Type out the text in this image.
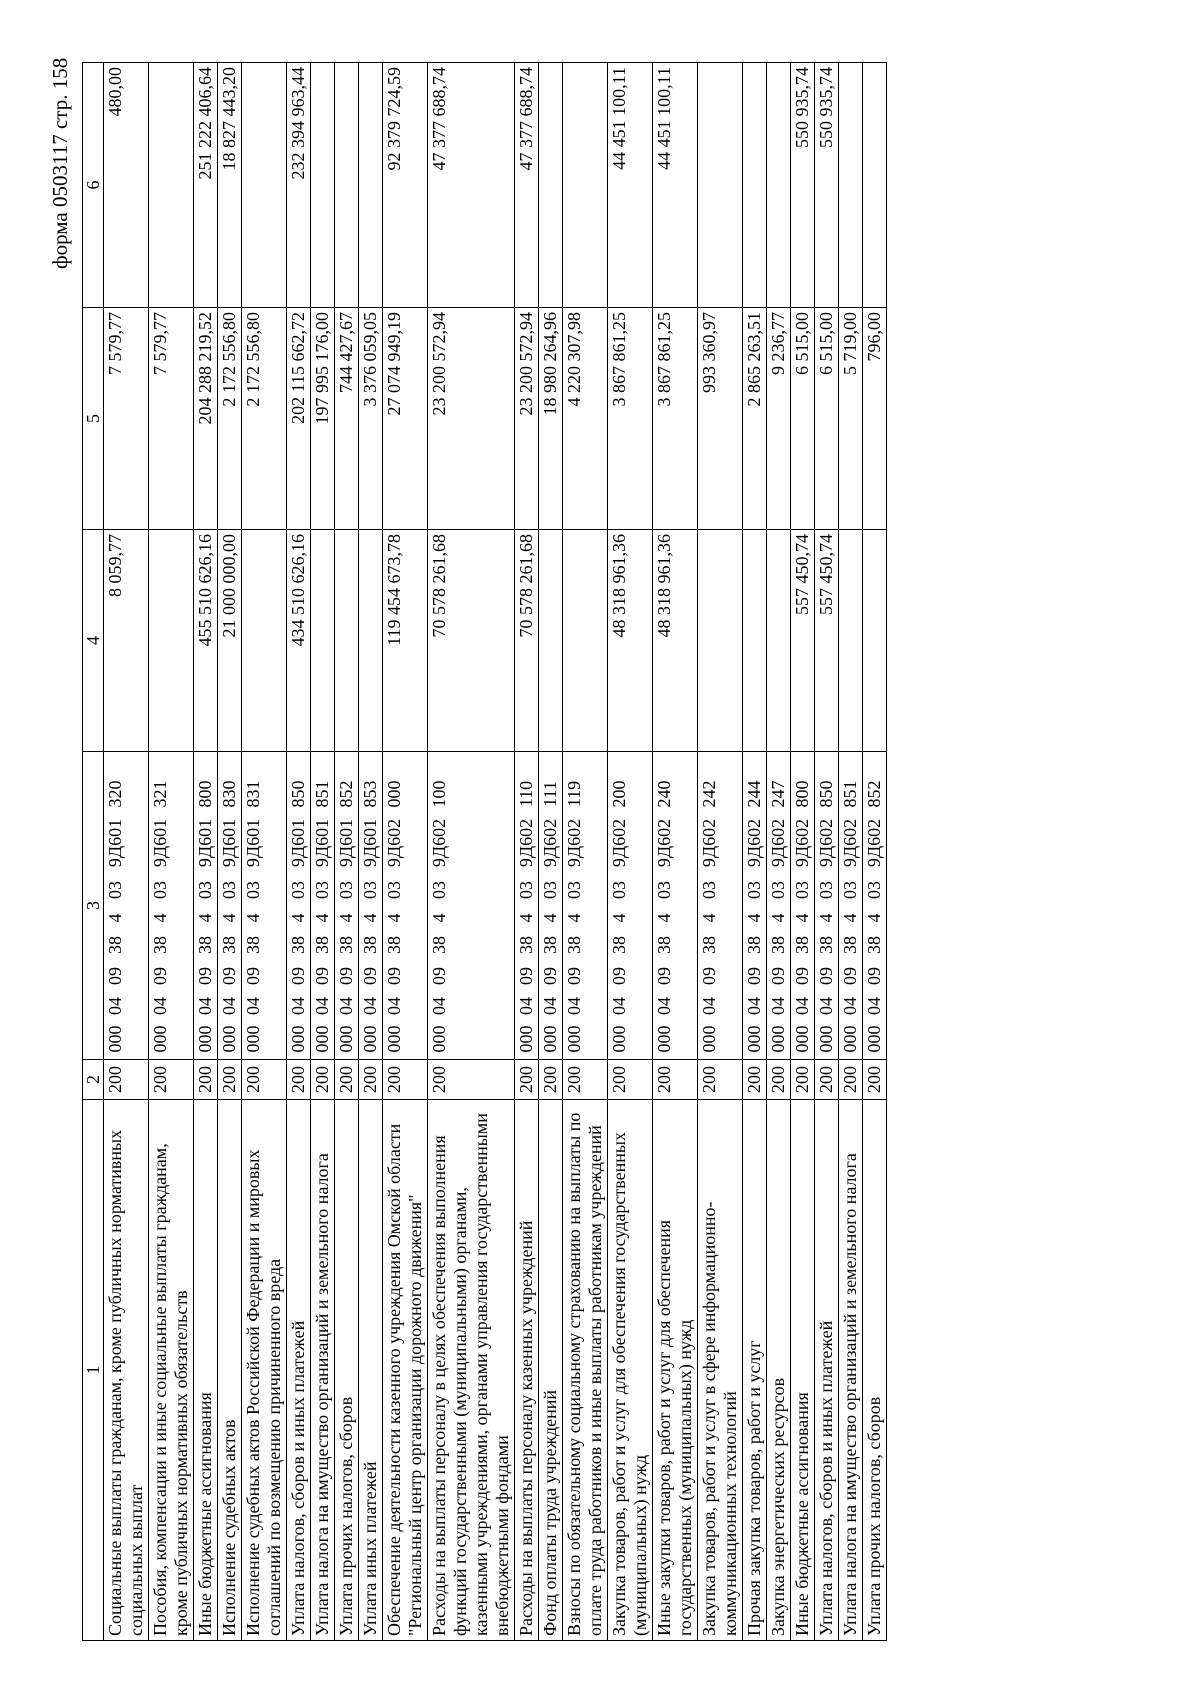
форма 0503117 стр. 158
1	2	3	4	5	6
Социальные выплаты гражданам, кроме публичных нормативных социальных выплат	200	0000409384039Д601320	8 059,77	7 579,77	480,00
Пособия, компенсации и иные социальные выплаты гражданам, кроме публичных нормативных обязательств	200	0000409384039Д601321		7 579,77	
Иные бюджетные ассигнования	200	0000409384039Д601800	455 510 626,16	204 288 219,52	251 222 406,64
Исполнение судебных актов	200	0000409384039Д601830	21 000 000,00	2 172 556,80	18 827 443,20
Исполнение судебных актов Российской Федерации и мировых соглашений по возмещению причиненного вреда	200	0000409384039Д601831		2 172 556,80	
Уплата налогов, сборов и иных платежей	200	0000409384039Д601850	434 510 626,16	202 115 662,72	232 394 963,44
Уплата налога на имущество организаций и земельного налога	200	0000409384039Д601851		197 995 176,00	
Уплата прочих налогов, сборов	200	0000409384039Д601852		744 427,67	
Уплата иных платежей	200	0000409384039Д601853		3 376 059,05	
Обеспечение деятельности казенного учреждения Омской области "Региональный центр организации дорожного движения"	200	0000409384039Д602000	119 454 673,78	27 074 949,19	92 379 724,59
Расходы на выплаты персоналу в целях обеспечения выполнения функций государственными (муниципальными) органами, казенными учреждениями, органами управления государственными внебюджетными фондами	200	0000409384039Д602100	70 578 261,68	23 200 572,94	47 377 688,74
Расходы на выплаты персоналу казенных учреждений	200	0000409384039Д602110	70 578 261,68	23 200 572,94	47 377 688,74
Фонд оплаты труда учреждений	200	0000409384039Д602111		18 980 264,96	
Взносы по обязательному социальному страхованию на выплаты по оплате труда работников и иные выплаты работникам учреждений	200	0000409384039Д602119		4 220 307,98	
Закупка товаров, работ и услуг для обеспечения государственных (муниципальных) нужд	200	0000409384039Д602200	48 318 961,36	3 867 861,25	44 451 100,11
Иные закупки товаров, работ и услуг для обеспечения государственных (муниципальных) нужд	200	0000409384039Д602240	48 318 961,36	3 867 861,25	44 451 100,11
Закупка товаров, работ и услуг в сфере информационно-коммуникационных технологий	200	0000409384039Д602242		993 360,97	
Прочая закупка товаров, работ и услуг	200	0000409384039Д602244		2 865 263,51	
Закупка энергетических ресурсов	200	0000409384039Д602247		9 236,77	
Иные бюджетные ассигнования	200	0000409384039Д602800	557 450,74	6 515,00	550 935,74
Уплата налогов, сборов и иных платежей	200	0000409384039Д602850	557 450,74	6 515,00	550 935,74
Уплата налога на имущество организаций и земельного налога	200	0000409384039Д602851		5 719,00	
Уплата прочих налогов, сборов	200	0000409384039Д602852		796,00	
